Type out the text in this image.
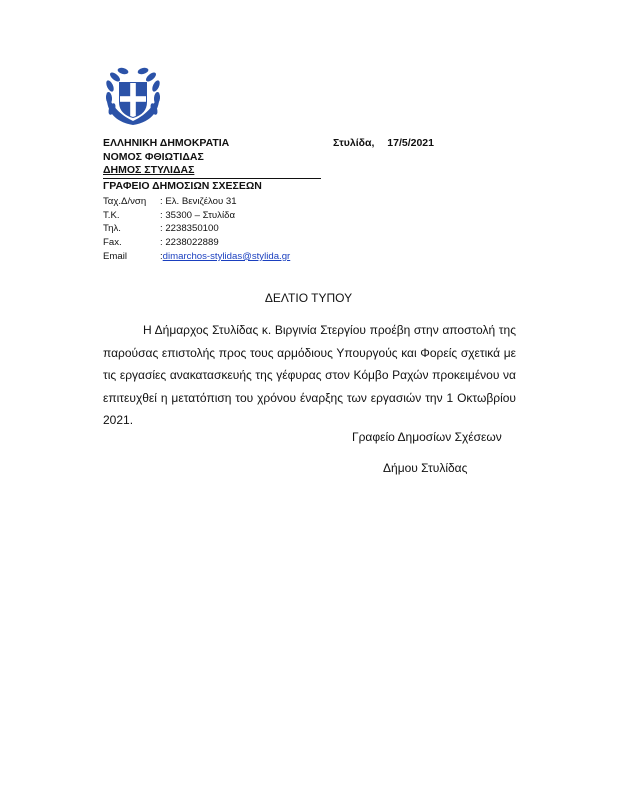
ΕΛΛΗΝΙΚΗ ΔΗΜΟΚΡΑΤΙΑ
ΝΟΜΟΣ ΦΘΙΩΤΙΔΑΣ
ΔΗΜΟΣ ΣΤΥΛΙΔΑΣ
ΓΡΑΦΕΙΟ ΔΗΜΟΣΙΩΝ ΣΧΕΣΕΩΝ
Στυλίδα, 17/5/2021
Ταχ.Δ/νση : Ελ. Βενιζέλου 31
Τ.Κ.	: 35300 – Στυλίδα
Τηλ.	: 2238350100
Fax.	: 2238022889
Email	:dimarchos-stylidas@stylida.gr
ΔΕΛΤΙΟ ΤΥΠΟΥ
Η Δήμαρχος Στυλίδας κ. Βιργινία Στεργίου προέβη στην αποστολή της παρούσας επιστολής προς τους αρμόδιους Υπουργούς και Φορείς σχετικά με τις εργασίες ανακατασκευής της γέφυρας στον Κόμβο Ραχών προκειμένου να επιτευχθεί η μετατόπιση του χρόνου έναρξης των εργασιών την 1 Οκτωβρίου 2021.
Γραφείο Δημοσίων Σχέσεων
Δήμου Στυλίδας
